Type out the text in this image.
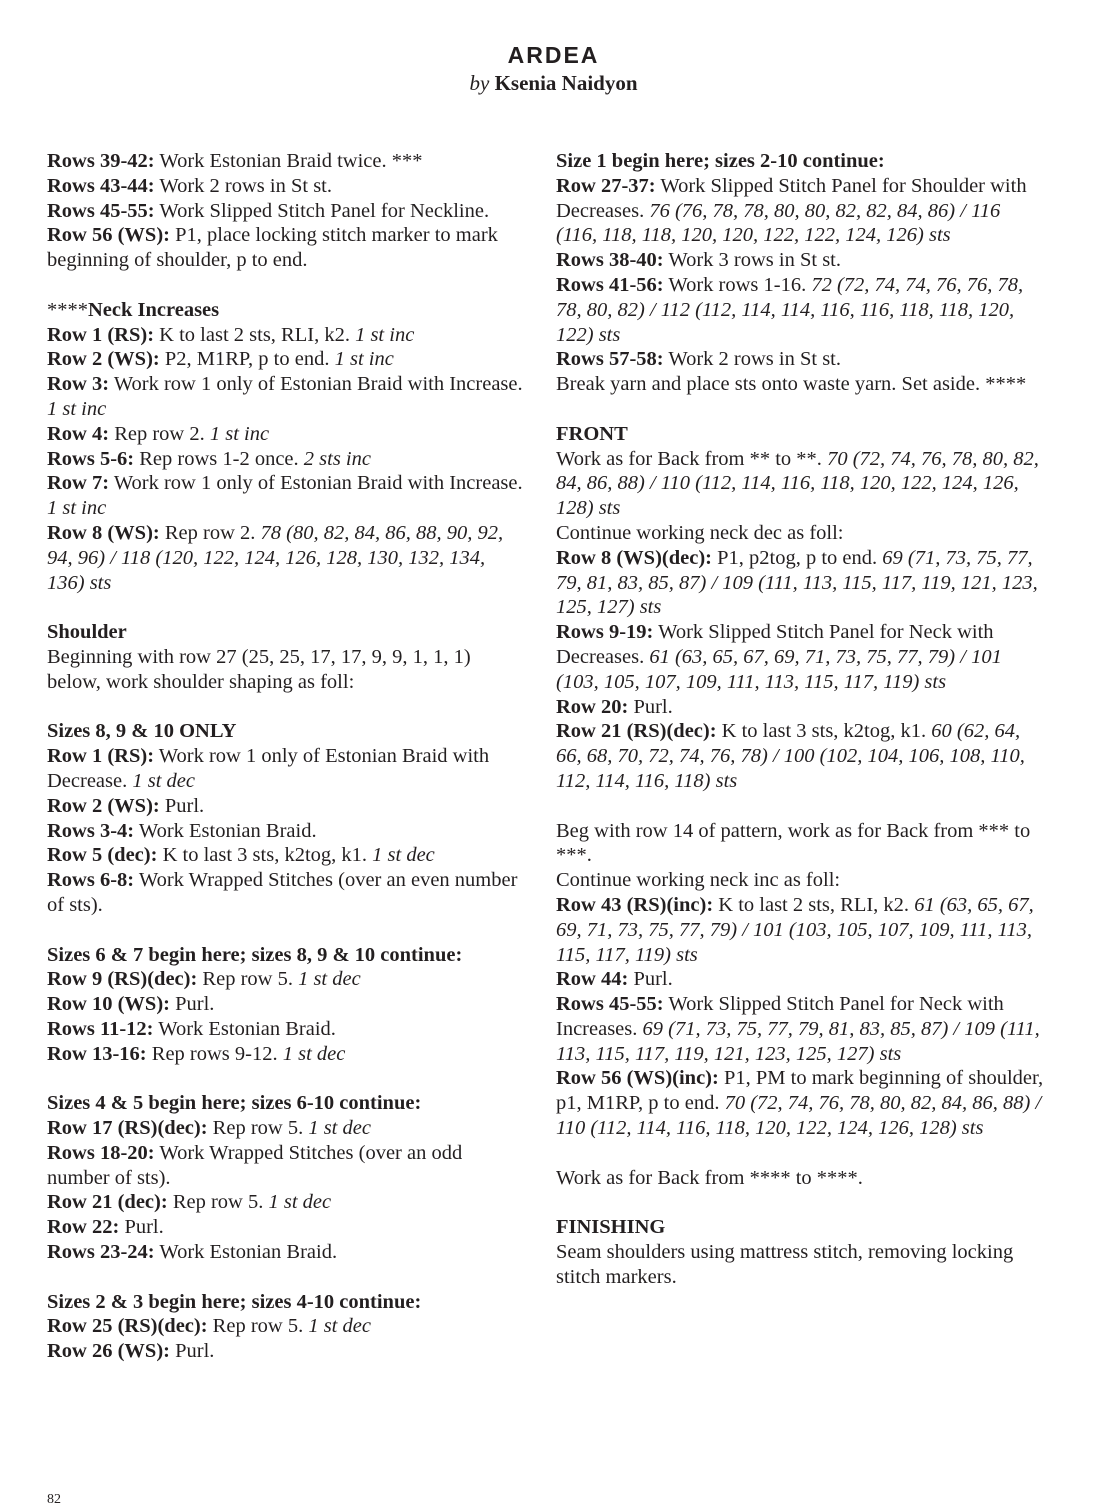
ARDEA
by Ksenia Naidyon

Rows 39-42: Work Estonian Braid twice. ***

Rows 43-44: Work 2 rows in St st.

Rows 45-55: Work Slipped Stitch Panel for Neckline.

Row 56 (WS): P1, place locking stitch marker to mark beginning of shoulder, p to end.

****Neck Increases

Row 1 (RS): K to last 2 sts, RLI, k2. 1 st inc

Row 2 (WS): P2, M1RP, p to end. 1 st inc

Row 3: Work row 1 only of Estonian Braid with Increase. 1 st inc

Row 4: Rep row 2. 1 st inc

Rows 5-6: Rep rows 1-2 once. 2 sts inc

Row 7: Work row 1 only of Estonian Braid with Increase. 1 st inc

Row 8 (WS): Rep row 2. 78 (80, 82, 84, 86, 88, 90, 92, 94, 96) / 118 (120, 122, 124, 126, 128, 130, 132, 134, 136) sts

Shoulder

Beginning with row 27 (25, 25, 17, 17, 9, 9, 1, 1, 1) below, work shoulder shaping as foll:

Sizes 8, 9 & 10 ONLY

Row 1 (RS): Work row 1 only of Estonian Braid with Decrease. 1 st dec

Row 2 (WS): Purl.

Rows 3-4: Work Estonian Braid.

Row 5 (dec): K to last 3 sts, k2tog, k1. 1 st dec

Rows 6-8: Work Wrapped Stitches (over an even number of sts).

Sizes 6 & 7 begin here; sizes 8, 9 & 10 continue:

Row 9 (RS)(dec): Rep row 5. 1 st dec

Row 10 (WS): Purl.

Rows 11-12: Work Estonian Braid.

Row 13-16: Rep rows 9-12. 1 st dec

Sizes 4 & 5 begin here; sizes 6-10 continue:

Row 17 (RS)(dec): Rep row 5. 1 st dec

Rows 18-20: Work Wrapped Stitches (over an odd number of sts).

Row 21 (dec): Rep row 5. 1 st dec

Row 22: Purl.

Rows 23-24: Work Estonian Braid.

Sizes 2 & 3 begin here; sizes 4-10 continue:

Row 25 (RS)(dec): Rep row 5. 1 st dec

Row 26 (WS): Purl.

Size 1 begin here; sizes 2-10 continue:

Row 27-37: Work Slipped Stitch Panel for Shoulder with Decreases. 76 (76, 78, 78, 80, 80, 82, 82, 84, 86) / 116 (116, 118, 118, 120, 120, 122, 122, 124, 126) sts

Rows 38-40: Work 3 rows in St st.

Rows 41-56: Work rows 1-16. 72 (72, 74, 74, 76, 76, 78, 78, 80, 82) / 112 (112, 114, 114, 116, 116, 118, 118, 120, 122) sts

Rows 57-58: Work 2 rows in St st.

Break yarn and place sts onto waste yarn. Set aside. ****

FRONT

Work as for Back from ** to **. 70 (72, 74, 76, 78, 80, 82, 84, 86, 88) / 110 (112, 114, 116, 118, 120, 122, 124, 126, 128) sts

Continue working neck dec as foll:

Row 8 (WS)(dec): P1, p2tog, p to end. 69 (71, 73, 75, 77, 79, 81, 83, 85, 87) / 109 (111, 113, 115, 117, 119, 121, 123, 125, 127) sts

Rows 9-19: Work Slipped Stitch Panel for Neck with Decreases. 61 (63, 65, 67, 69, 71, 73, 75, 77, 79) / 101 (103, 105, 107, 109, 111, 113, 115, 117, 119) sts

Row 20: Purl.

Row 21 (RS)(dec): K to last 3 sts, k2tog, k1. 60 (62, 64, 66, 68, 70, 72, 74, 76, 78) / 100 (102, 104, 106, 108, 110, 112, 114, 116, 118) sts

Beg with row 14 of pattern, work as for Back from *** to ***.

Continue working neck inc as foll:

Row 43 (RS)(inc): K to last 2 sts, RLI, k2. 61 (63, 65, 67, 69, 71, 73, 75, 77, 79) / 101 (103, 105, 107, 109, 111, 113, 115, 117, 119) sts

Row 44: Purl.

Rows 45-55: Work Slipped Stitch Panel for Neck with Increases. 69 (71, 73, 75, 77, 79, 81, 83, 85, 87) / 109 (111, 113, 115, 117, 119, 121, 123, 125, 127) sts

Row 56 (WS)(inc): P1, PM to mark beginning of shoulder, p1, M1RP, p to end. 70 (72, 74, 76, 78, 80, 82, 84, 86, 88) / 110 (112, 114, 116, 118, 120, 122, 124, 126, 128) sts

Work as for Back from **** to ****.

FINISHING

Seam shoulders using mattress stitch, removing locking stitch markers.

82
